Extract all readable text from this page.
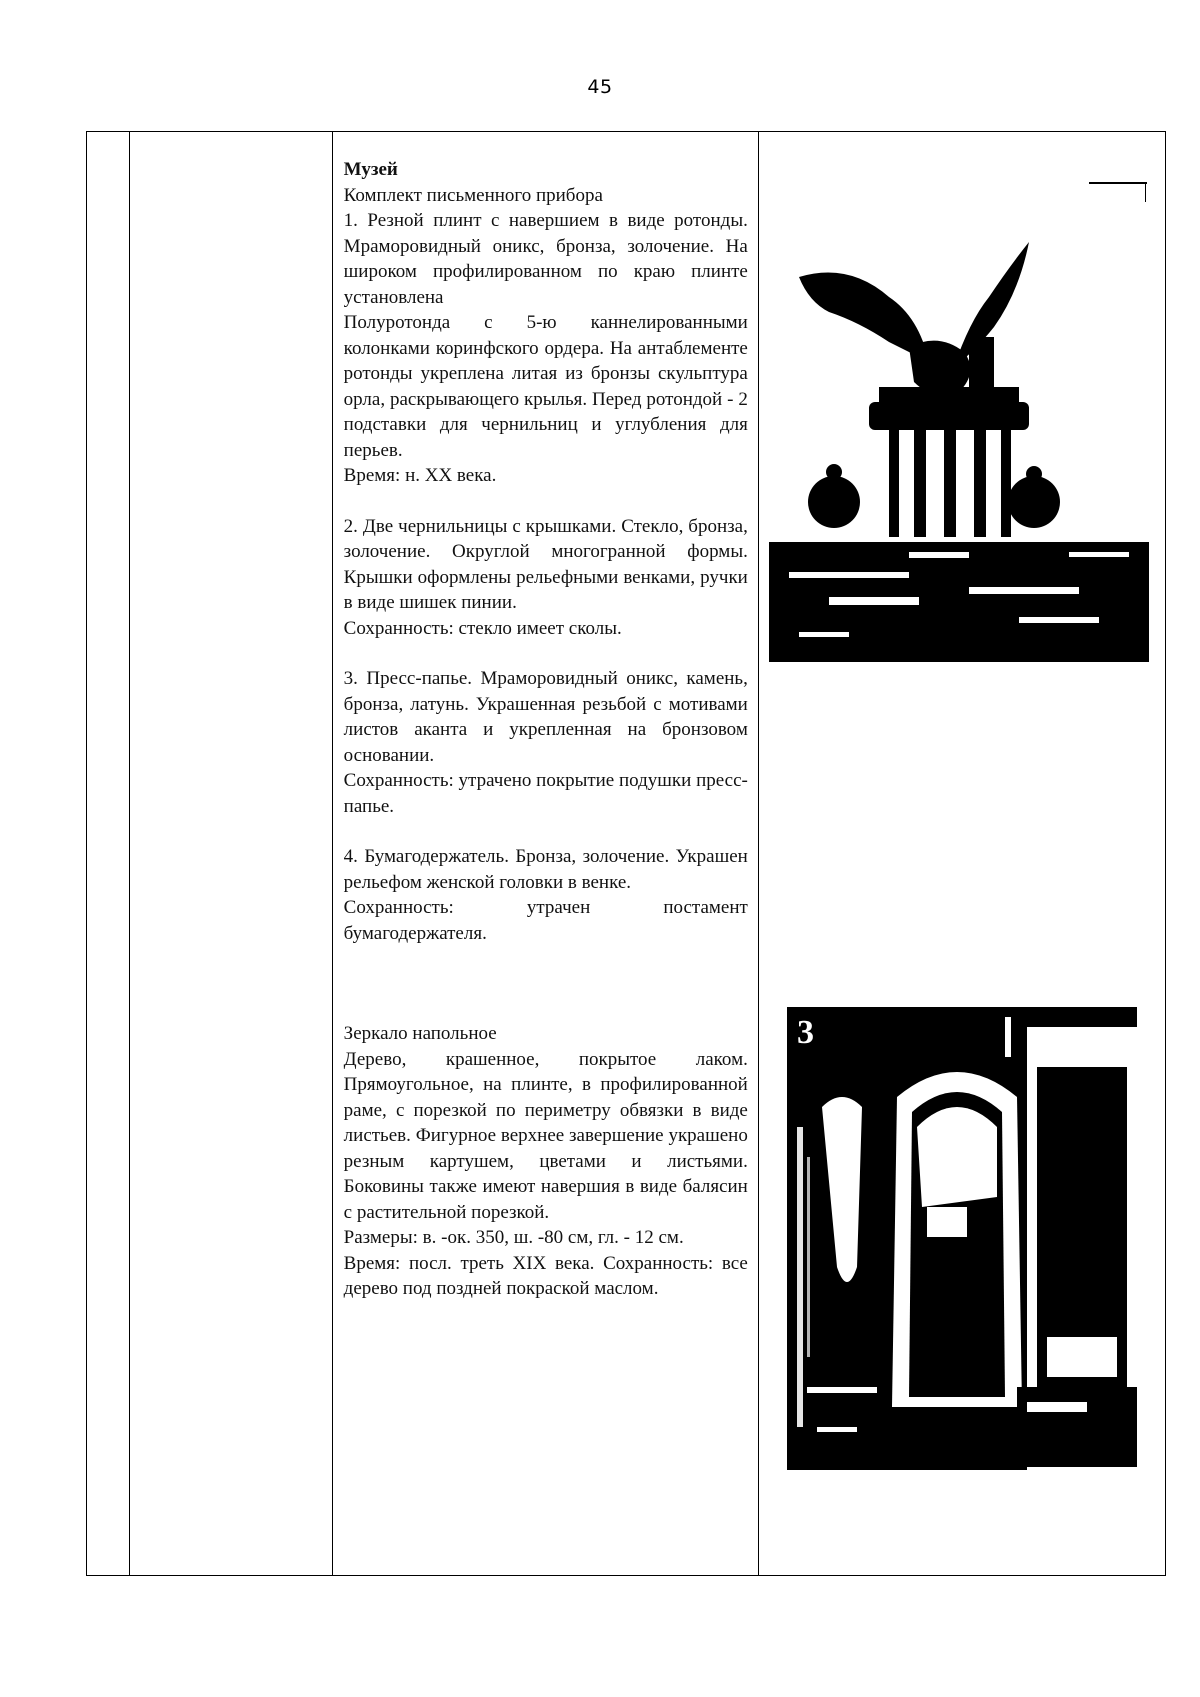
45

Музей

Комплект письменного прибора

1. Резной плинт с навершием в виде ротонды. Мраморовидный оникс, бронза, золочение. На широком профилированном по краю плинте установлена

Полуротонда с 5-ю каннелированными колонками коринфского ордера. На антаблементе ротонды укреплена литая из бронзы скульптура орла, раскрывающего крылья. Перед ротондой - 2 подставки для чернильниц и углубления для перьев.

Время: н. ХХ века.

2. Две чернильницы с крышками. Стекло, бронза, золочение. Округлой многогранной формы. Крышки оформлены рельефными венками, ручки в виде шишек пинии.

Сохранность: стекло имеет сколы.

3. Пресс-папье. Мраморовидный оникс, камень, бронза, латунь. Украшенная резьбой с мотивами листов аканта и укрепленная на бронзовом основании.

Сохранность: утрачено покрытие подушки пресс-папье.

4. Бумагодержатель. Бронза, золочение. Украшен рельефом женской головки в венке.

Сохранность: утрачен постамент бумагодержателя.

Зеркало напольное

Дерево, крашенное, покрытое лаком. Прямоугольное, на плинте, в профилированной раме, с порезкой по периметру обвязки в виде листьев. Фигурное верхнее завершение украшено резным картушем, цветами и листьями. Боковины также имеют навершия в виде балясин с растительной порезкой.

Размеры: в. -ок. 350, ш. -80 см, гл. - 12 см.

Время: посл. треть XIX века. Сохранность: все дерево под поздней покраской маслом.

3
